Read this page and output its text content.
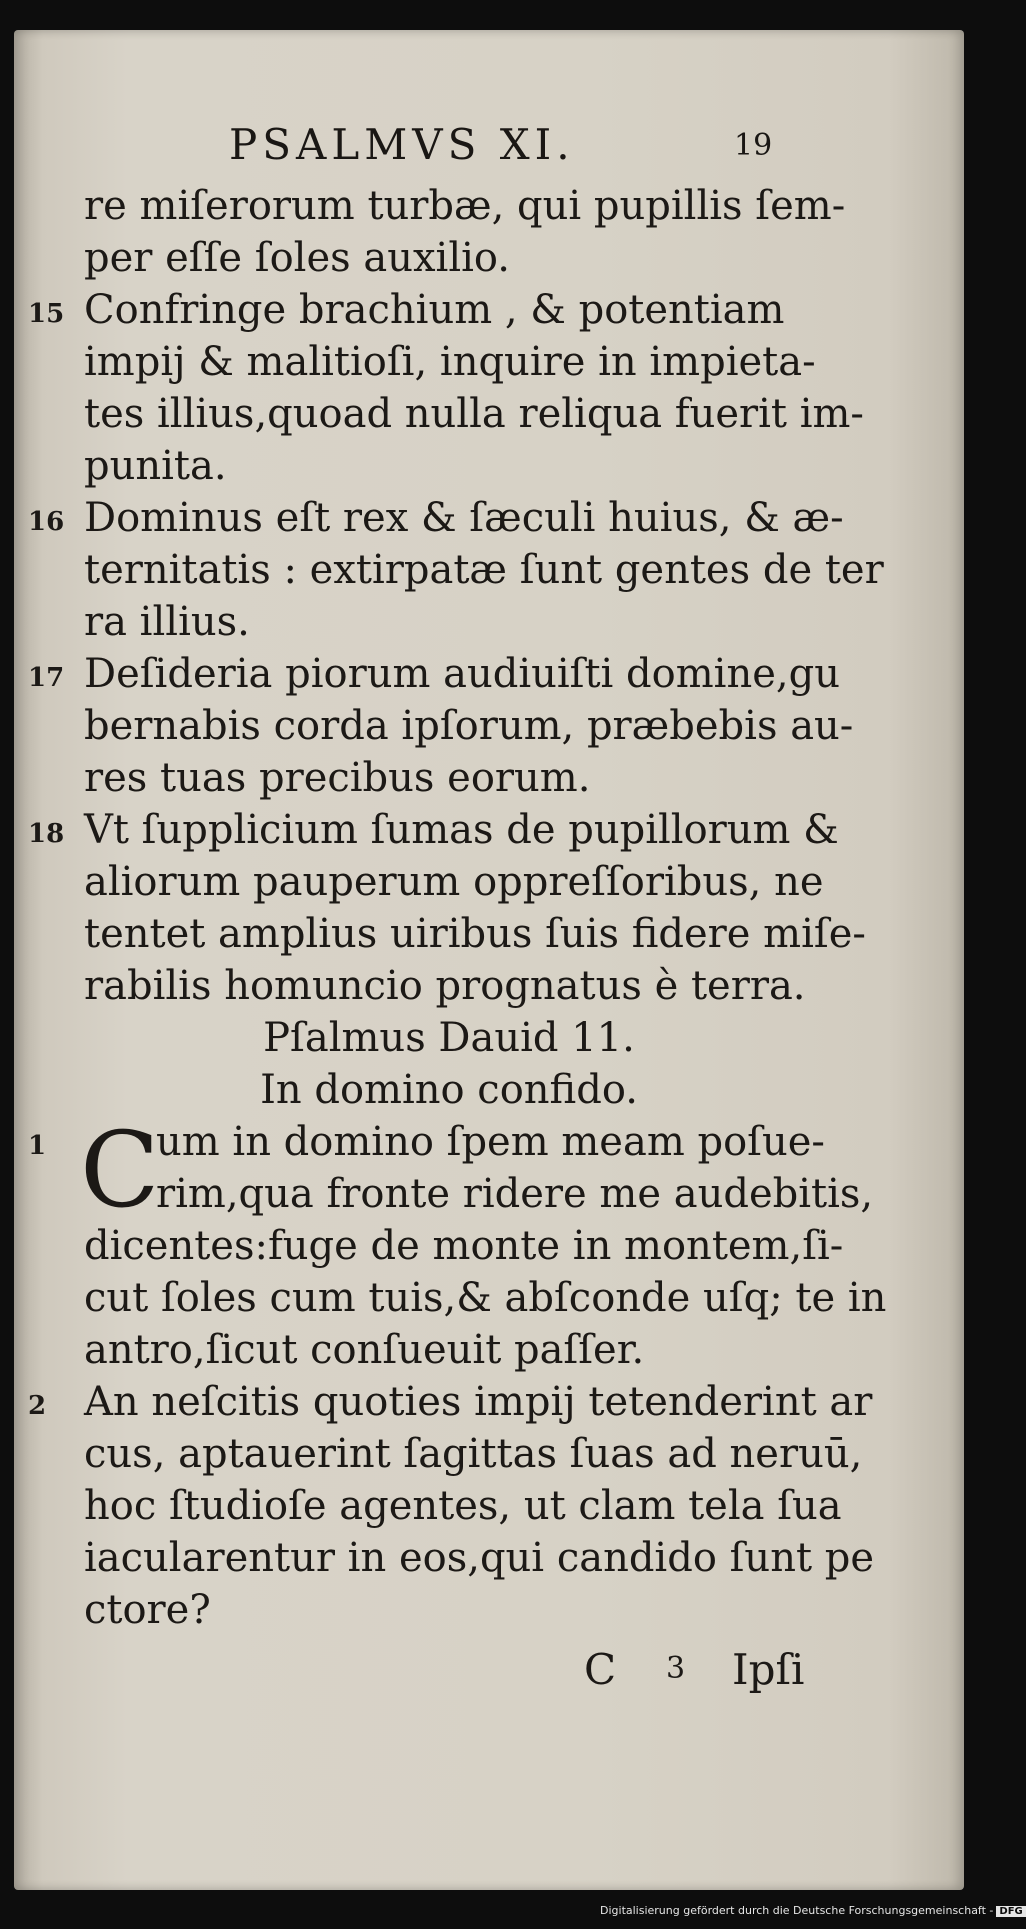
PSALMVS XI.	19
re miſerorum turbæ, qui pupillis ſem-
per eſſe ſoles auxilio.
15 Confringe brachium , & potentiam
impij & malitioſi, inquire in impieta-
tes illius,quoad nulla reliqua fuerit im-
punita.
16 Dominus eſt rex & ſæculi huius, & æ-
ternitatis : extirpatæ ſunt gentes de ter
ra illius.
17 Deſideria piorum audiuiſti domine,gu
bernabis corda ipſorum, præbebis au-
res tuas precibus eorum.
18 Vt ſupplicium ſumas de pupillorum &
aliorum pauperum oppreſſoribus, ne
tentet amplius uiribus ſuis fidere miſe-
rabilis homuncio prognatus è terra.
Pſalmus Dauid 11.
In domino confido.
1 C
um in domino ſpem meam poſue-
rim,qua fronte ridere me audebitis,
dicentes:fuge de monte in montem,ſi-
cut ſoles cum tuis,& abſconde uſq; te in
antro,ſicut conſueuit paſſer.
2 An neſcitis quoties impij tetenderint ar
cus, aptauerint ſagittas ſuas ad neruū,
hoc ſtudioſe agentes, ut clam tela ſua
iacularentur in eos,qui candido ſunt pe
ctore?
C 3 Ipſi
Digitalisierung gefördert durch die Deutsche Forschungsgemeinschaft - DFG
